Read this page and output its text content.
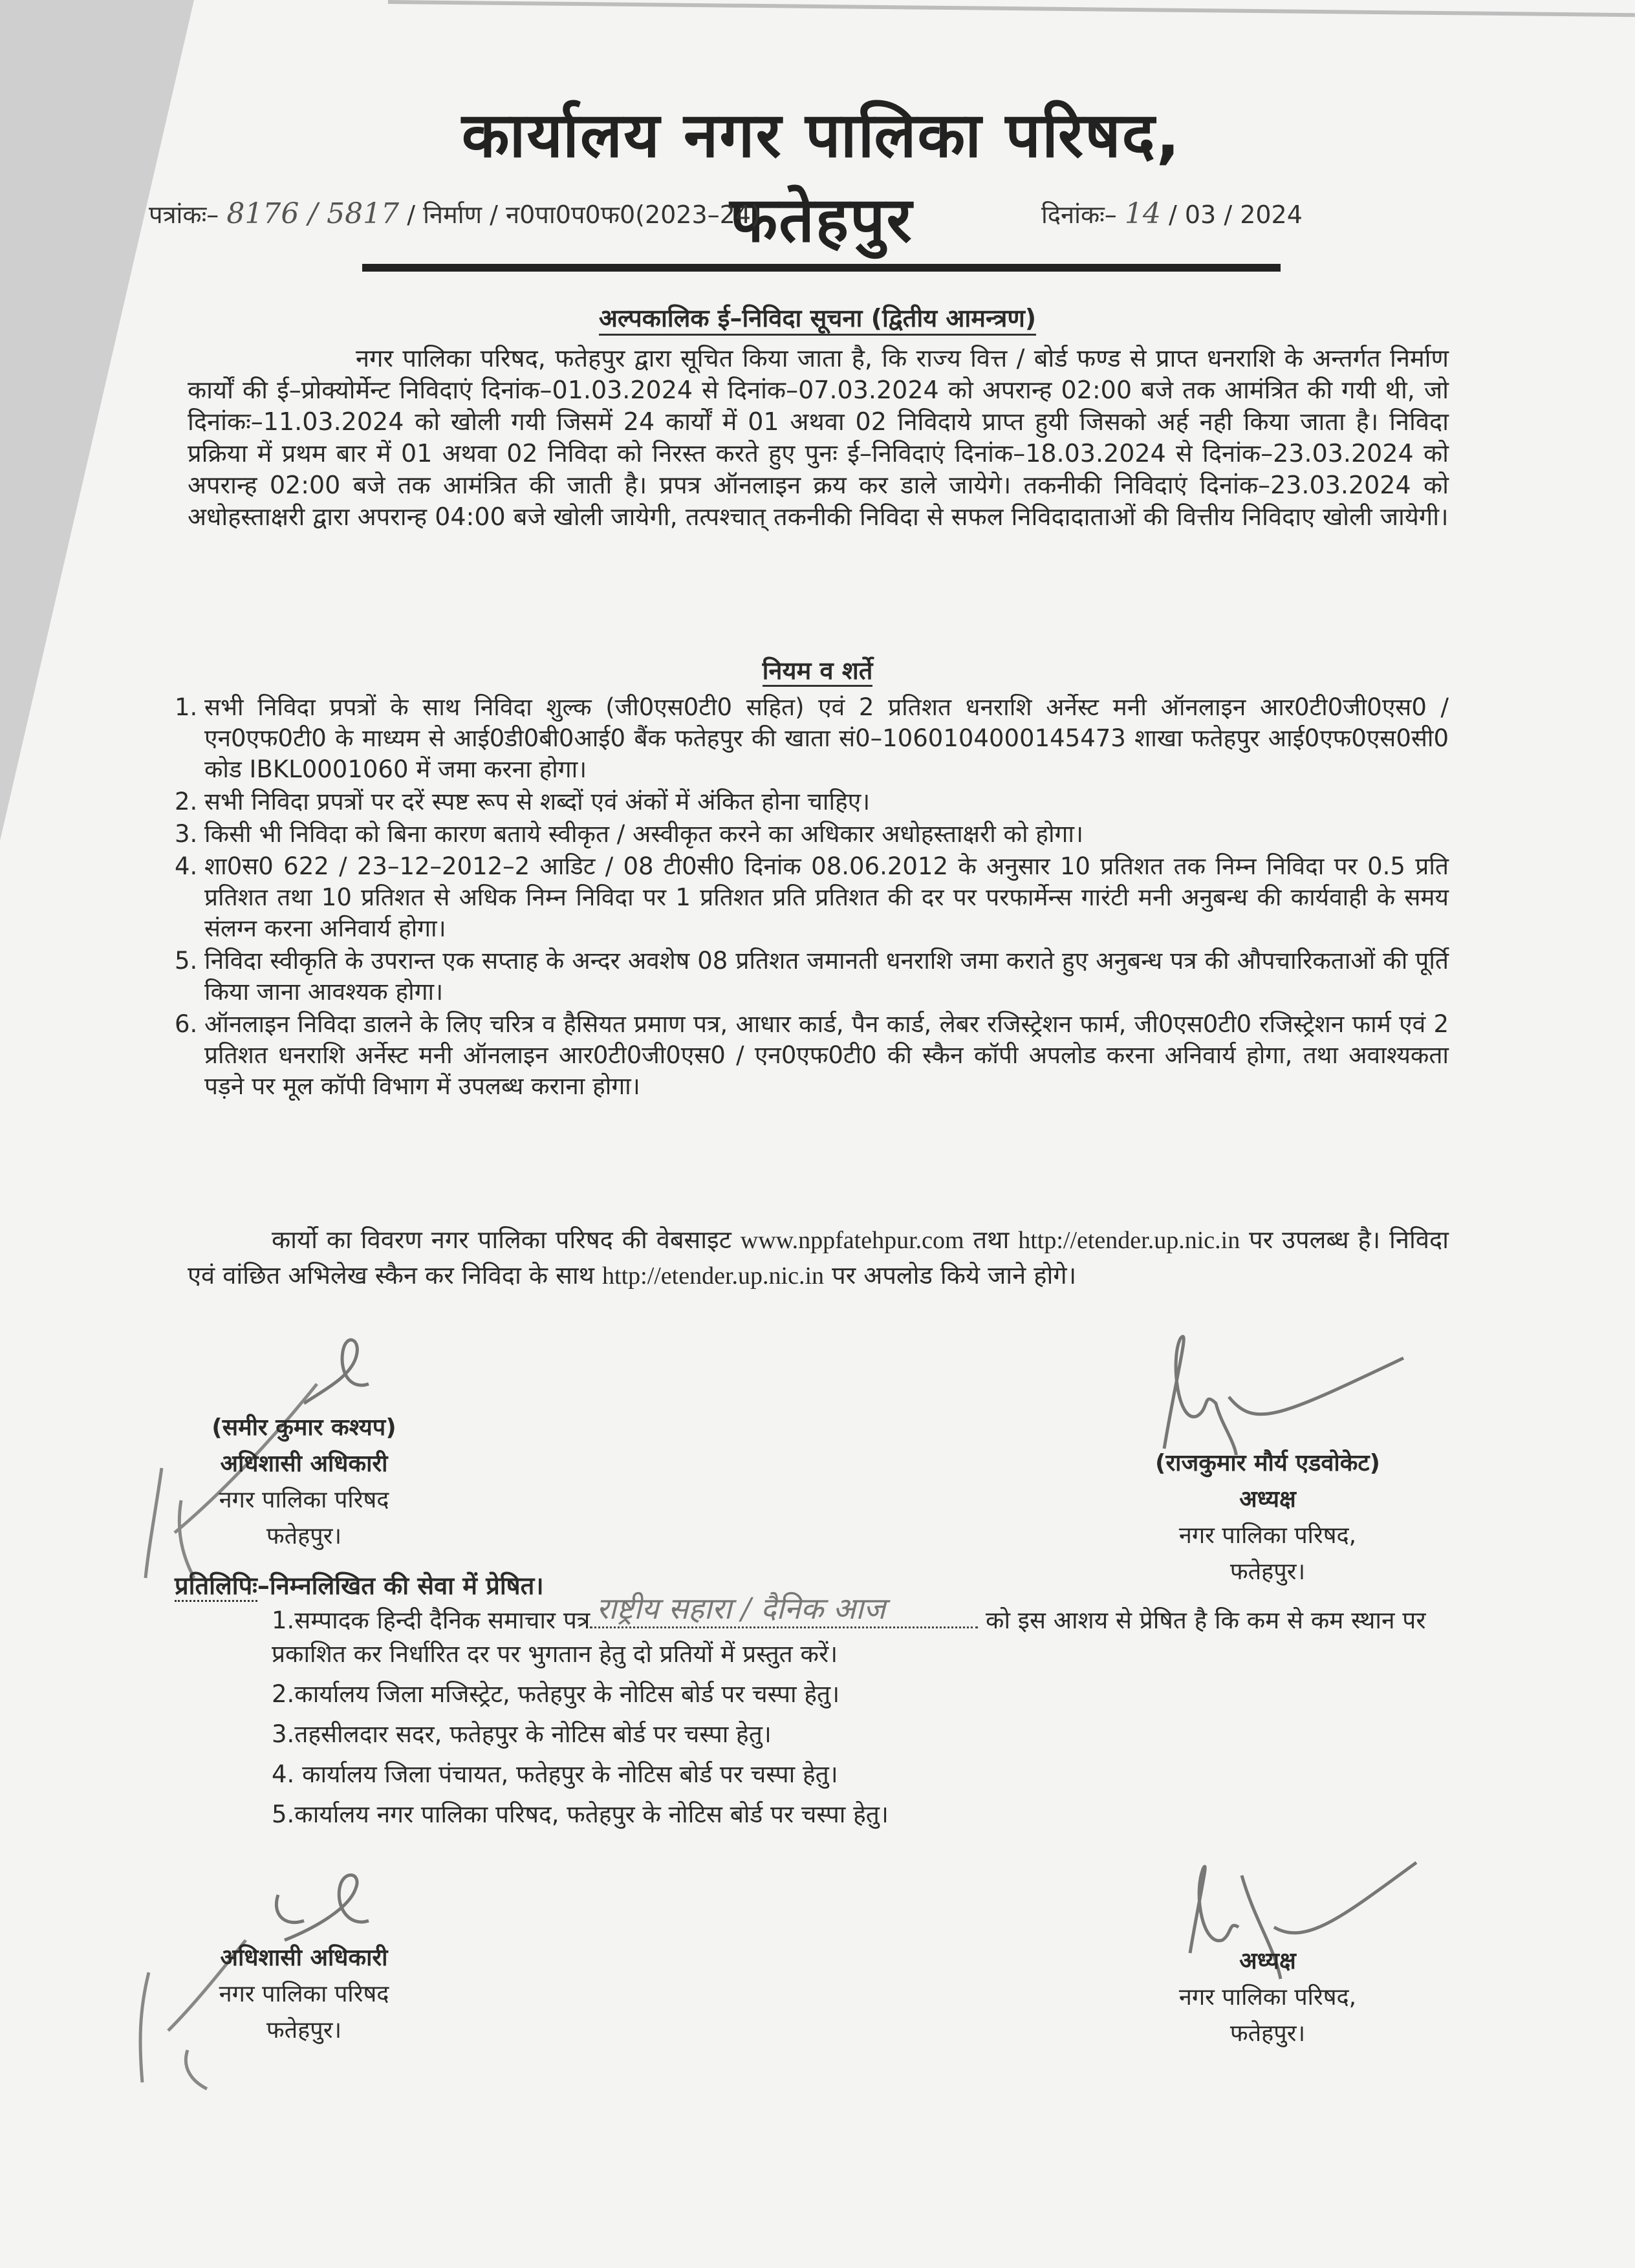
कार्यालय नगर पालिका परिषद, फतेहपुर
पत्रांकः– 8176 / 5817 / निर्माण / न0पा0प0फ0(2023–24)	दिनांकः– 14 / 03 / 2024
अल्पकालिक ई–निविदा सूचना (द्वितीय आमन्त्रण)
नगर पालिका परिषद, फतेहपुर द्वारा सूचित किया जाता है, कि राज्य वित्त / बोर्ड फण्ड से प्राप्त धनराशि के अन्तर्गत निर्माण कार्यों की ई–प्रोक्योर्मेन्ट निविदाएं दिनांक–01.03.2024 से दिनांक–07.03.2024 को अपरान्ह 02:00 बजे तक आमंत्रित की गयी थी, जो दिनांकः–11.03.2024 को खोली गयी जिसमें 24 कार्यों में 01 अथवा 02 निविदाये प्राप्त हुयी जिसको अर्ह नही किया जाता है। निविदा प्रक्रिया में प्रथम बार में 01 अथवा 02 निविदा को निरस्त करते हुए पुनः ई–निविदाएं दिनांक–18.03.2024 से दिनांक–23.03.2024 को अपरान्ह 02:00 बजे तक आमंत्रित की जाती है। प्रपत्र ऑनलाइन क्रय कर डाले जायेगे। तकनीकी निविदाएं दिनांक–23.03.2024 को अधोहस्ताक्षरी द्वारा अपरान्ह 04:00 बजे खोली जायेगी, तत्पश्चात् तकनीकी निविदा से सफल निविदादाताओं की वित्तीय निविदाए खोली जायेगी।
नियम व शर्ते
1. सभी निविदा प्रपत्रों के साथ निविदा शुल्क (जी0एस0टी0 सहित) एवं 2 प्रतिशत धनराशि अर्नेस्ट मनी ऑनलाइन आर0टी0जी0एस0 / एन0एफ0टी0 के माध्यम से आई0डी0बी0आई0 बैंक फतेहपुर की खाता सं0–1060104000145473 शाखा फतेहपुर आई0एफ0एस0सी0 कोड IBKL0001060 में जमा करना होगा।
2. सभी निविदा प्रपत्रों पर दरें स्पष्ट रूप से शब्दों एवं अंकों में अंकित होना चाहिए।
3. किसी भी निविदा को बिना कारण बताये स्वीकृत / अस्वीकृत करने का अधिकार अधोहस्ताक्षरी को होगा।
4. शा0स0 622 / 23–12–2012–2 आडिट / 08 टी0सी0 दिनांक 08.06.2012 के अनुसार 10 प्रतिशत तक निम्न निविदा पर 0.5 प्रति प्रतिशत तथा 10 प्रतिशत से अधिक निम्न निविदा पर 1 प्रतिशत प्रति प्रतिशत की दर पर परफार्मेन्स गारंटी मनी अनुबन्ध की कार्यवाही के समय संलग्न करना अनिवार्य होगा।
5. निविदा स्वीकृति के उपरान्त एक सप्ताह के अन्दर अवशेष 08 प्रतिशत जमानती धनराशि जमा कराते हुए अनुबन्ध पत्र की औपचारिकताओं की पूर्ति किया जाना आवश्यक होगा।
6. ऑनलाइन निविदा डालने के लिए चरित्र व हैसियत प्रमाण पत्र, आधार कार्ड, पैन कार्ड, लेबर रजिस्ट्रेशन फार्म, जी0एस0टी0 रजिस्ट्रेशन फार्म एवं 2 प्रतिशत धनराशि अर्नेस्ट मनी ऑनलाइन आर0टी0जी0एस0 / एन0एफ0टी0 की स्कैन कॉपी अपलोड करना अनिवार्य होगा, तथा अवाश्यकता पड़ने पर मूल कॉपी विभाग में उपलब्ध कराना होगा।
कार्यो का विवरण नगर पालिका परिषद की वेबसाइट www.nppfatehpur.com तथा http://etender.up.nic.in पर उपलब्ध है। निविदा एवं वांछित अभिलेख स्कैन कर निविदा के साथ http://etender.up.nic.in पर अपलोड किये जाने होगे।
(समीर कुमार कश्यप)
अधिशासी अधिकारी
नगर पालिका परिषद
फतेहपुर।
(राजकुमार मौर्य एडवोकेट)
अध्यक्ष
नगर पालिका परिषद,
फतेहपुर।
प्रतिलिपिः–निम्नलिखित की सेवा में प्रेषित।
1.सम्पादक हिन्दी दैनिक समाचार पत्र राष्ट्रीय सहारा / दैनिक आज	को इस आशय से प्रेषित है कि कम से कम स्थान पर प्रकाशित कर निर्धारित दर पर भुगतान हेतु दो प्रतियों में प्रस्तुत करें।
2.कार्यालय जिला मजिस्ट्रेट, फतेहपुर के नोटिस बोर्ड पर चस्पा हेतु।
3.तहसीलदार सदर, फतेहपुर के नोटिस बोर्ड पर चस्पा हेतु।
4. कार्यालय जिला पंचायत, फतेहपुर के नोटिस बोर्ड पर चस्पा हेतु।
5.कार्यालय नगर पालिका परिषद, फतेहपुर के नोटिस बोर्ड पर चस्पा हेतु।
अधिशासी अधिकारी
नगर पालिका परिषद
फतेहपुर।
अध्यक्ष
नगर पालिका परिषद,
फतेहपुर।
